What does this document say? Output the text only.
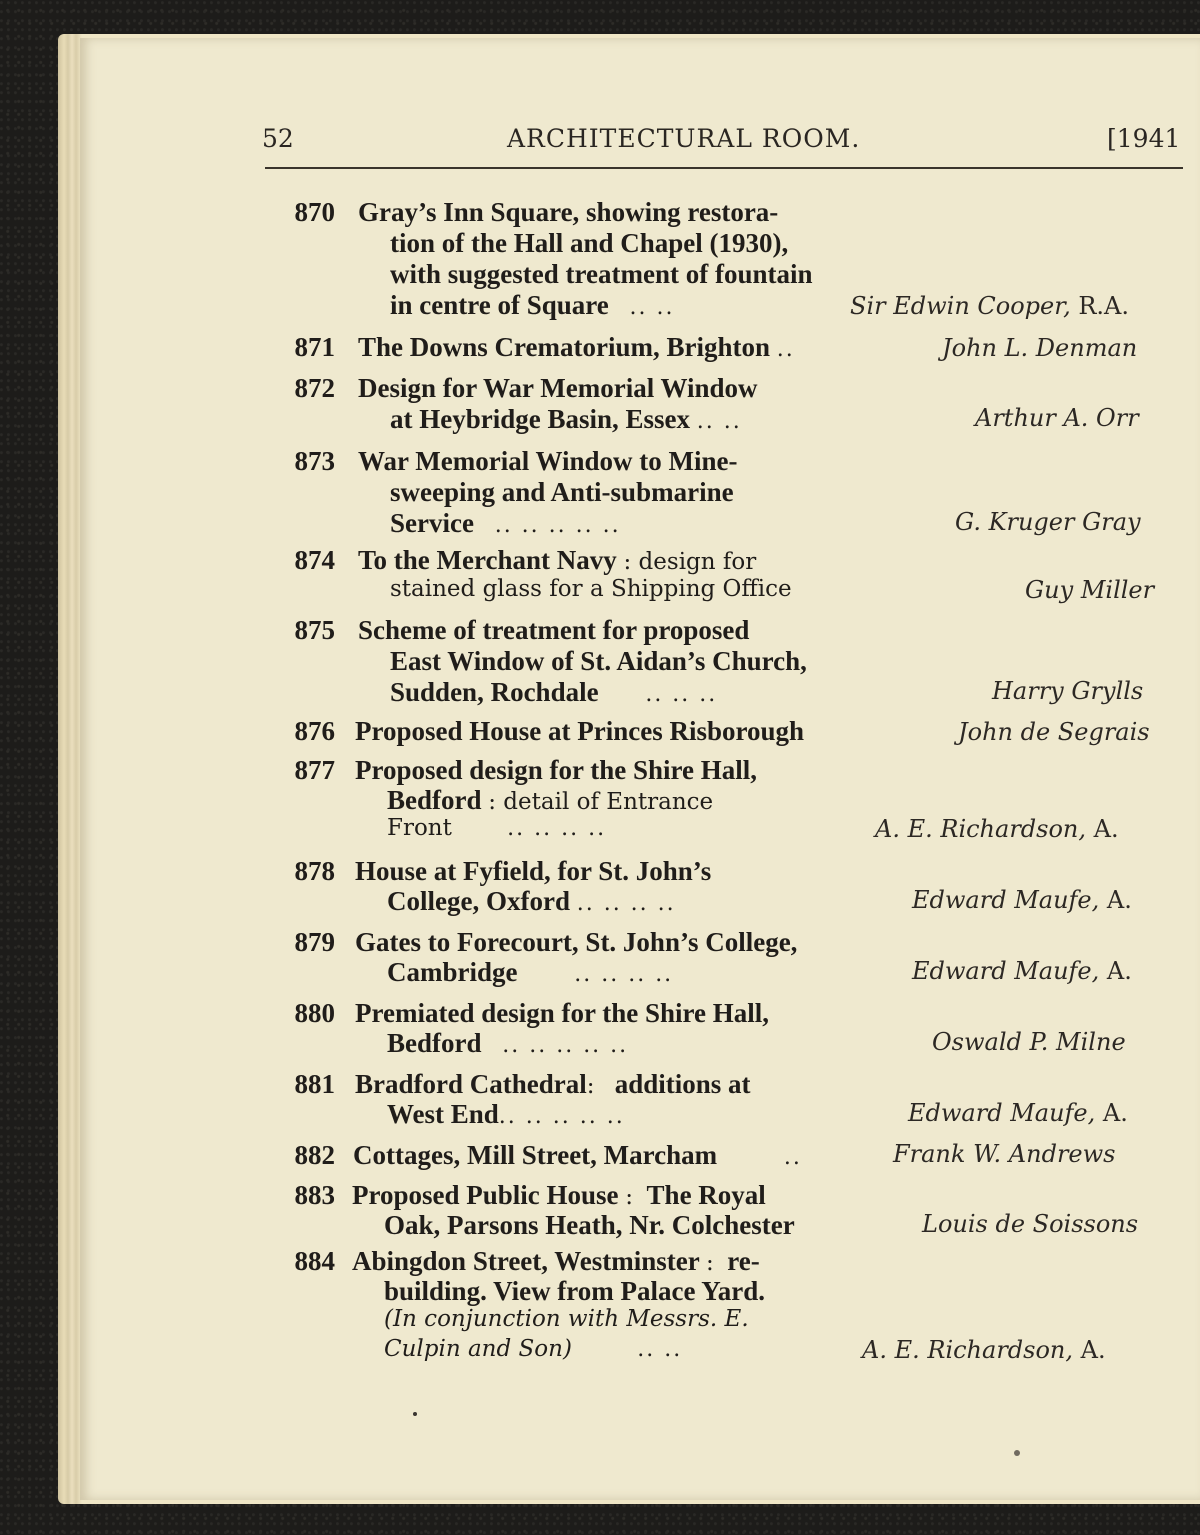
52	ARCHITECTURAL ROOM.	[1941
870 Gray’s Inn Square, showing restora-
tion of the Hall and Chapel (1930),
with suggested treatment of fountain
in centre of Square .. ..	Sir Edwin Cooper, R.A.
871 The Downs Crematorium, Brighton ..	John L. Denman
872 Design for War Memorial Window
at Heybridge Basin, Essex .. ..	Arthur A. Orr
873 War Memorial Window to Mine-
sweeping and Anti-submarine
Service .. .. .. .. ..	G. Kruger Gray
874 To the Merchant Navy : design for
stained glass for a Shipping Office	Guy Miller
875 Scheme of treatment for proposed
East Window of St. Aidan’s Church,
Sudden, Rochdale .. .. ..	Harry Grylls
876 Proposed House at Princes Risborough	John de Segrais
877 Proposed design for the Shire Hall,
Bedford : detail of Entrance
Front	.. .. .. ..	A. E. Richardson, A.
878 House at Fyfield, for St. John’s
College, Oxford .. .. .. ..	Edward Maufe, A.
879 Gates to Forecourt, St. John’s College,
Cambridge	.. .. .. ..	Edward Maufe, A.
880 Premiated design for the Shire Hall,
Bedford .. .. .. .. ..	Oswald P. Milne
881 Bradford Cathedral: additions at
West End.. .. .. .. ..	Edward Maufe, A.
882 Cottages, Mill Street, Marcham	..	Frank W. Andrews
883 Proposed Public House : The Royal
Oak, Parsons Heath, Nr. Colchester	Louis de Soissons
884 Abingdon Street, Westminster : re-
building. View from Palace Yard.
(In conjunction with Messrs. E.
Culpin and Son)	.. ..	A. E. Richardson, A.
